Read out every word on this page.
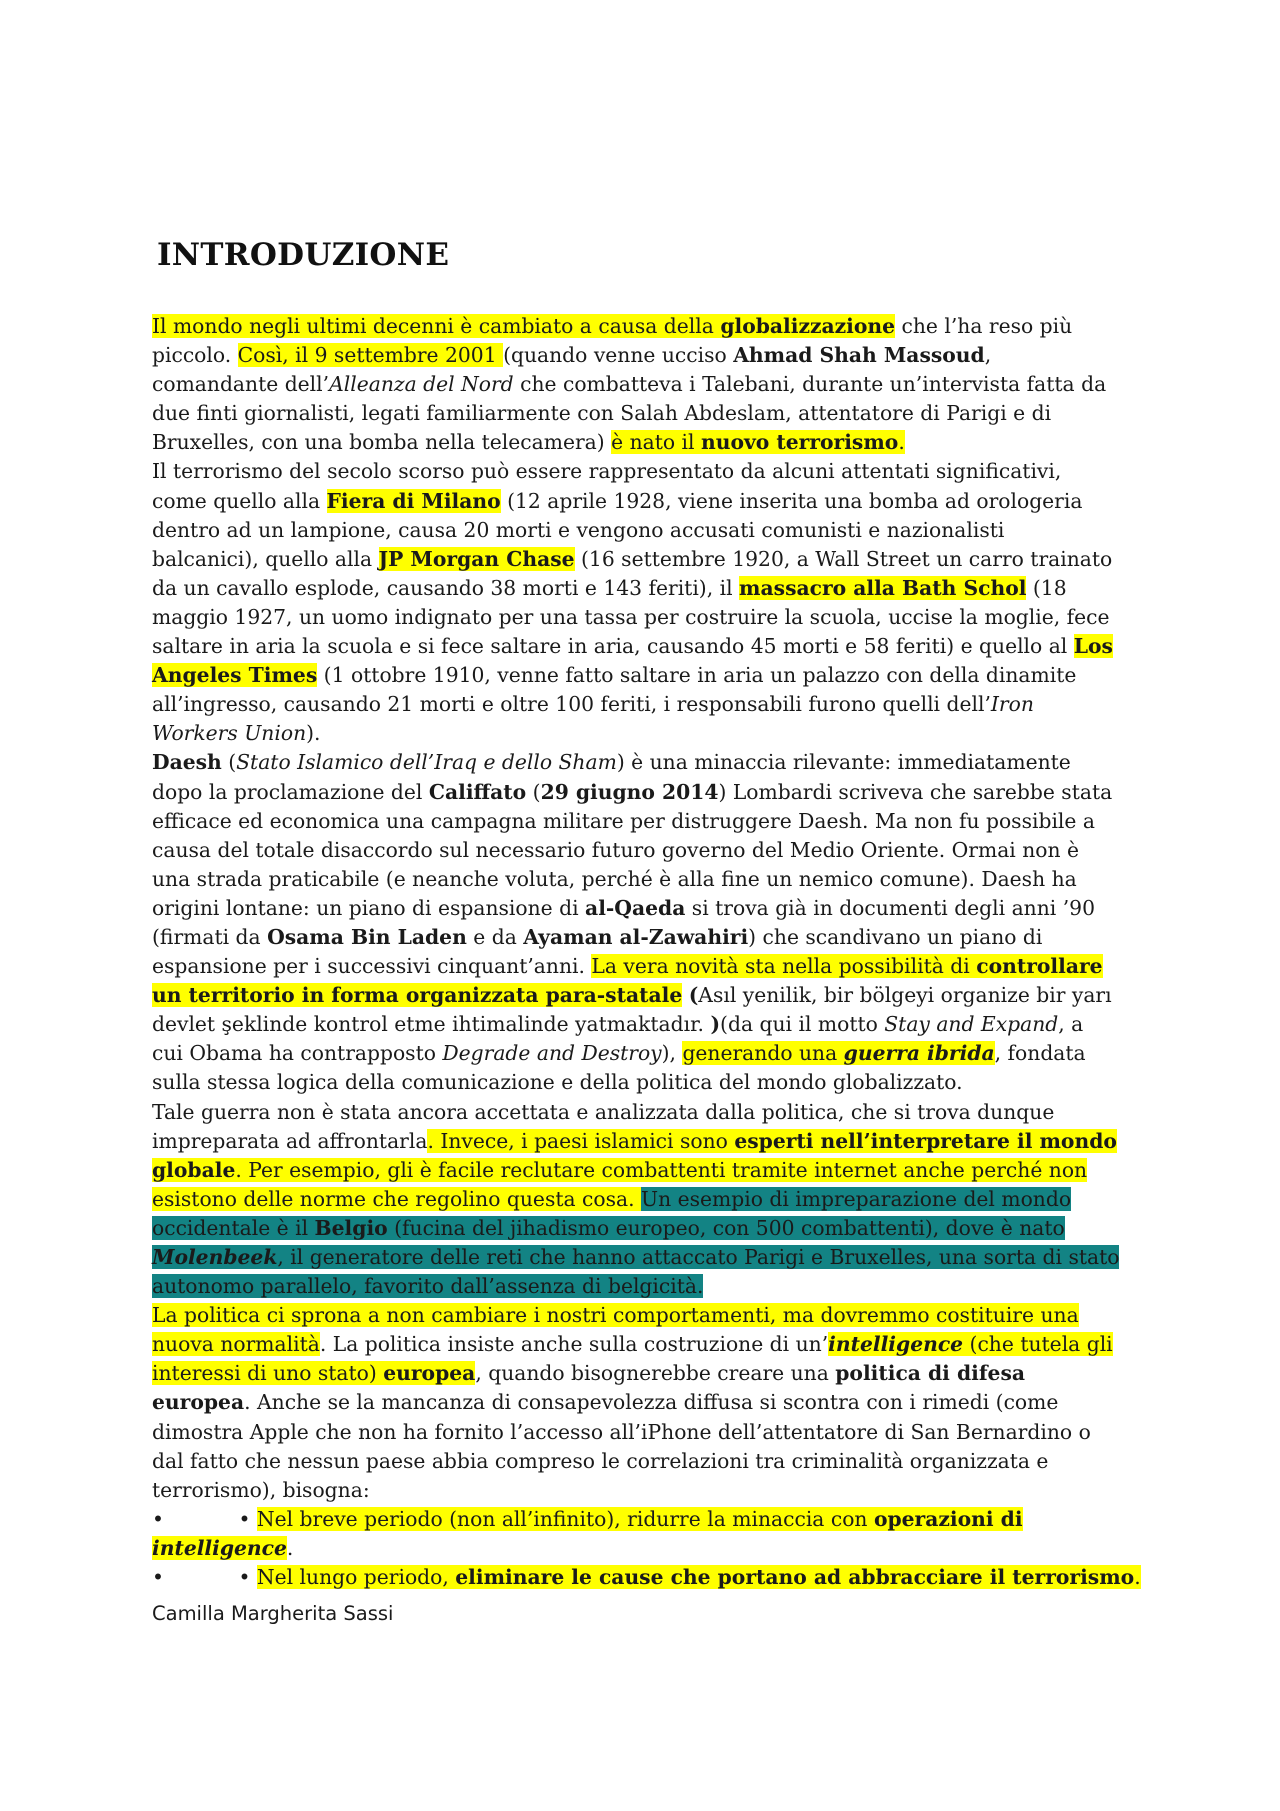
INTRODUZIONE
Il mondo negli ultimi decenni è cambiato a causa della globalizzazione che l’ha reso più
piccolo. Così, il 9 settembre 2001 (quando venne ucciso Ahmad Shah Massoud,
comandante dell’Alleanza del Nord che combatteva i Talebani, durante un’intervista fatta da
due finti giornalisti, legati familiarmente con Salah Abdeslam, attentatore di Parigi e di
Bruxelles, con una bomba nella telecamera) è nato il nuovo terrorismo.
Il terrorismo del secolo scorso può essere rappresentato da alcuni attentati significativi,
come quello alla Fiera di Milano (12 aprile 1928, viene inserita una bomba ad orologeria
dentro ad un lampione, causa 20 morti e vengono accusati comunisti e nazionalisti
balcanici), quello alla JP Morgan Chase (16 settembre 1920, a Wall Street un carro trainato
da un cavallo esplode, causando 38 morti e 143 feriti), il massacro alla Bath Schol (18
maggio 1927, un uomo indignato per una tassa per costruire la scuola, uccise la moglie, fece
saltare in aria la scuola e si fece saltare in aria, causando 45 morti e 58 feriti) e quello al Los
Angeles Times (1 ottobre 1910, venne fatto saltare in aria un palazzo con della dinamite
all’ingresso, causando 21 morti e oltre 100 feriti, i responsabili furono quelli dell’Iron
Workers Union).
Daesh (Stato Islamico dell’Iraq e dello Sham) è una minaccia rilevante: immediatamente
dopo la proclamazione del Califfato (29 giugno 2014) Lombardi scriveva che sarebbe stata
efficace ed economica una campagna militare per distruggere Daesh. Ma non fu possibile a
causa del totale disaccordo sul necessario futuro governo del Medio Oriente. Ormai non è
una strada praticabile (e neanche voluta, perché è alla fine un nemico comune). Daesh ha
origini lontane: un piano di espansione di al-Qaeda si trova già in documenti degli anni ’90
(firmati da Osama Bin Laden e da Ayaman al-Zawahiri) che scandivano un piano di
espansione per i successivi cinquant’anni. La vera novità sta nella possibilità di controllare
un territorio in forma organizzata para-statale (Asıl yenilik, bir bölgeyi organize bir yarı
devlet şeklinde kontrol etme ihtimalinde yatmaktadır. )(da qui il motto Stay and Expand, a
cui Obama ha contrapposto Degrade and Destroy), generando una guerra ibrida, fondata
sulla stessa logica della comunicazione e della politica del mondo globalizzato.
Tale guerra non è stata ancora accettata e analizzata dalla politica, che si trova dunque
impreparata ad affrontarla. Invece, i paesi islamici sono esperti nell’interpretare il mondo
globale. Per esempio, gli è facile reclutare combattenti tramite internet anche perché non
esistono delle norme che regolino questa cosa. Un esempio di impreparazione del mondo
occidentale è il Belgio (fucina del jihadismo europeo, con 500 combattenti), dove è nato
Molenbeek, il generatore delle reti che hanno attaccato Parigi e Bruxelles, una sorta di stato
autonomo parallelo, favorito dall’assenza di belgicità.
La politica ci sprona a non cambiare i nostri comportamenti, ma dovremmo costituire una
nuova normalità. La politica insiste anche sulla costruzione di un’intelligence (che tutela gli
interessi di uno stato) europea, quando bisognerebbe creare una politica di difesa
europea. Anche se la mancanza di consapevolezza diffusa si scontra con i rimedi (come
dimostra Apple che non ha fornito l’accesso all’iPhone dell’attentatore di San Bernardino o
dal fatto che nessun paese abbia compreso le correlazioni tra criminalità organizzata e
terrorismo), bisogna:
•	• Nel breve periodo (non all’infinito), ridurre la minaccia con operazioni di
intelligence.
•	• Nel lungo periodo, eliminare le cause che portano ad abbracciare il terrorismo.
Camilla Margherita Sassi
